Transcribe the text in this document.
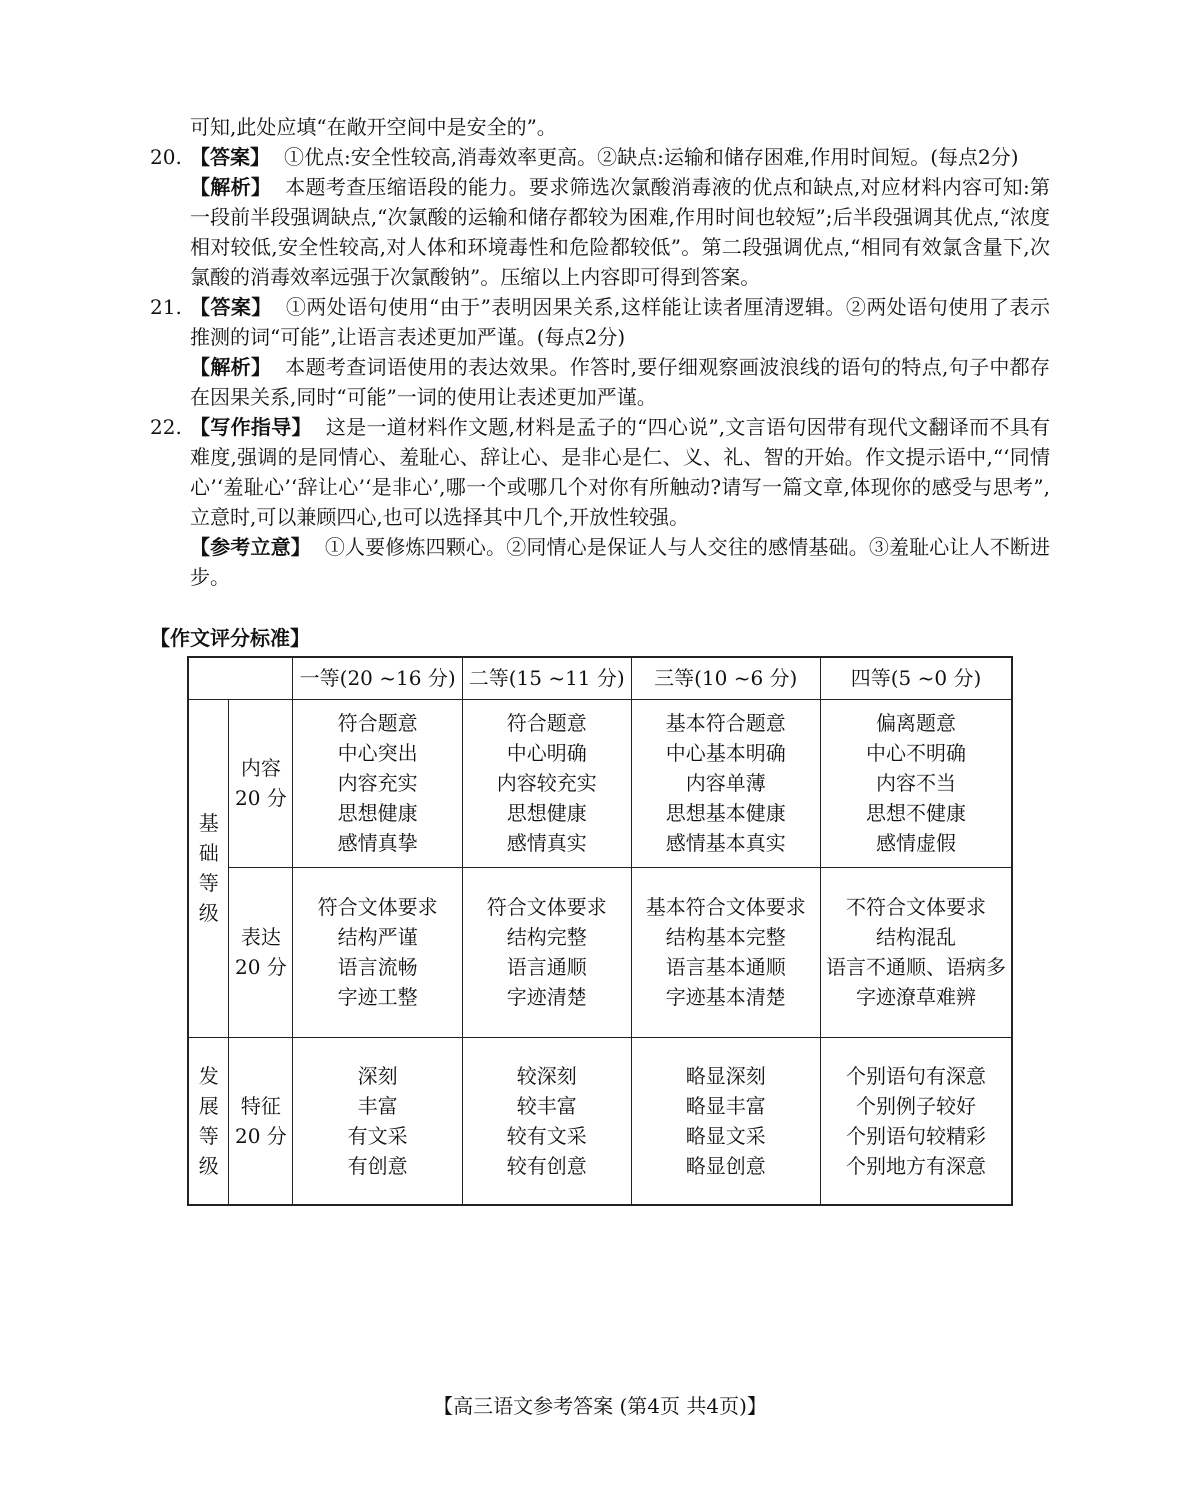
可知,此处应填“在敞开空间中是安全的”。
20. 【答案】 ①优点:安全性较高,消毒效率更高。②缺点:运输和储存困难,作用时间短。(每点2分)
【解析】 本题考查压缩语段的能力。要求筛选次氯酸消毒液的优点和缺点,对应材料内容可知:第一段前半段强调缺点,“次氯酸的运输和储存都较为困难,作用时间也较短”;后半段强调其优点,“浓度相对较低,安全性较高,对人体和环境毒性和危险都较低”。第二段强调优点,“相同有效氯含量下,次氯酸的消毒效率远强于次氯酸钠”。压缩以上内容即可得到答案。
21. 【答案】 ①两处语句使用“由于”表明因果关系,这样能让读者厘清逻辑。②两处语句使用了表示推测的词“可能”,让语言表述更加严谨。(每点2分)
【解析】 本题考查词语使用的表达效果。作答时,要仔细观察画波浪线的语句的特点,句子中都存在因果关系,同时“可能”一词的使用让表述更加严谨。
22. 【写作指导】 这是一道材料作文题,材料是孟子的“四心说”,文言语句因带有现代文翻译而不具有难度,强调的是同情心、羞耻心、辞让心、是非心是仁、义、礼、智的开始。作文提示语中,“‘同情心’‘羞耻心’‘辞让心’‘是非心’,哪一个或哪几个对你有所触动?请写一篇文章,体现你的感受与思考”,立意时,可以兼顾四心,也可以选择其中几个,开放性较强。
【参考立意】 ①人要修炼四颗心。②同情心是保证人与人交往的感情基础。③羞耻心让人不断进步。
【作文评分标准】
		一等(20 ~16 分)	二等(15 ~11 分)	三等(10 ~6 分)	四等(5 ~0 分)
基础等级	内容
20 分	符合题意
中心突出
内容充实
思想健康
感情真挚	符合题意
中心明确
内容较充实
思想健康
感情真实	基本符合题意
中心基本明确
内容单薄
思想基本健康
感情基本真实	偏离题意
中心不明确
内容不当
思想不健康
感情虚假

	表达
20 分	符合文体要求
结构严谨
语言流畅
字迹工整	符合文体要求
结构完整
语言通顺
字迹清楚	基本符合文体要求
结构基本完整
语言基本通顺
字迹基本清楚	不符合文体要求
结构混乱
语言不通顺、语病多
字迹潦草难辨

发展等级	特征
20 分	深刻
丰富
有文采
有创意	较深刻
较丰富
较有文采
较有创意	略显深刻
略显丰富
略显文采
略显创意	个别语句有深意
个别例子较好
个别语句较精彩
个别地方有深意
【高三语文参考答案 (第4页 共4页)】
